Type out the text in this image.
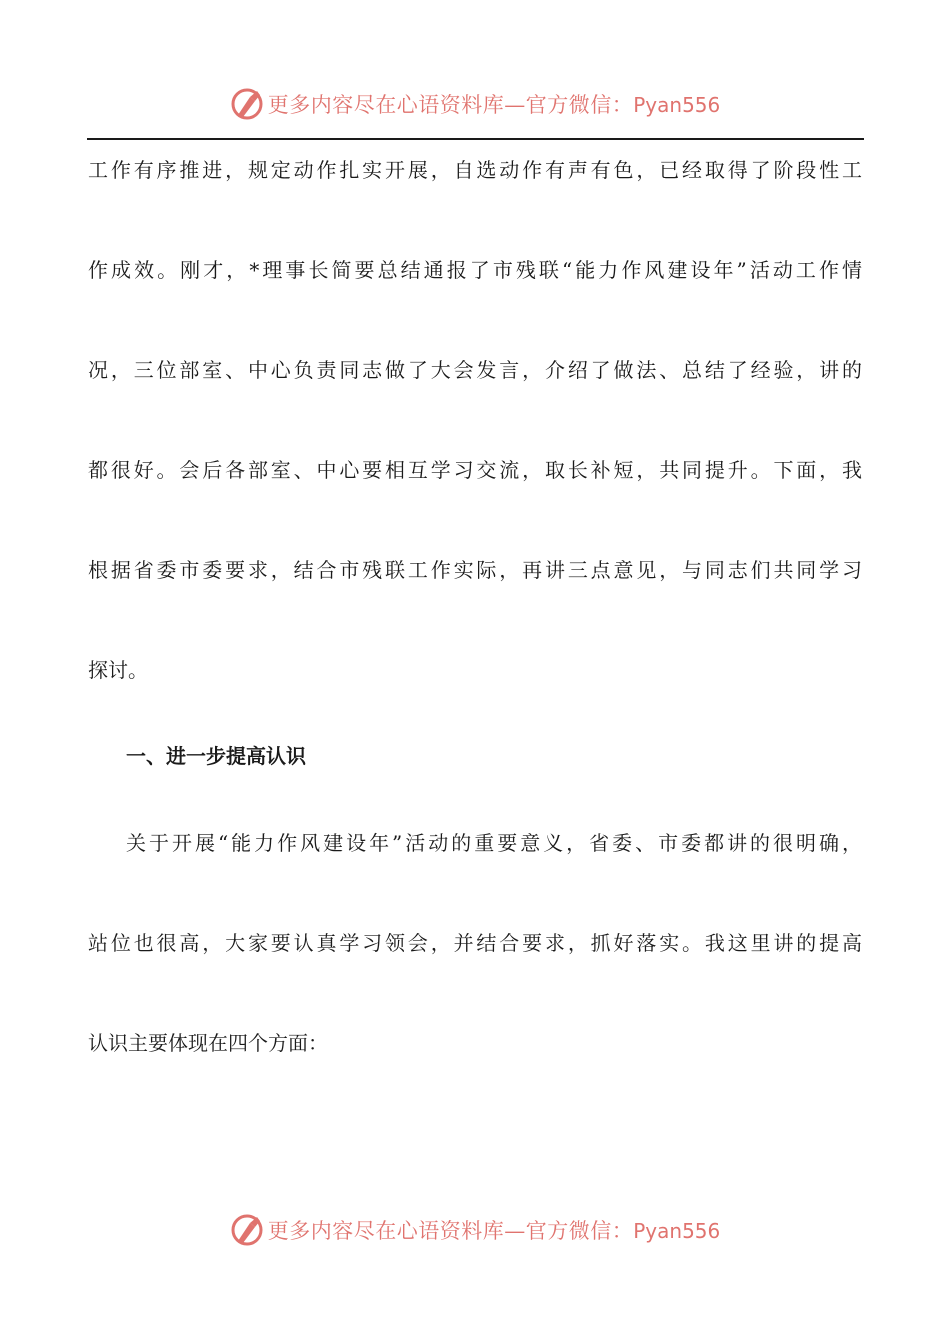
更多内容尽在心语资料库—官方微信：Pyan556
工作有序推进，规定动作扎实开展，自选动作有声有色，已经取得了阶段性工
作成效。刚才，*理事长简要总结通报了市残联“能力作风建设年”活动工作情
况，三位部室、中心负责同志做了大会发言，介绍了做法、总结了经验，讲的
都很好。会后各部室、中心要相互学习交流，取长补短，共同提升。下面，我
根据省委市委要求，结合市残联工作实际，再讲三点意见，与同志们共同学习
探讨。
一、进一步提高认识
关于开展“能力作风建设年”活动的重要意义，省委、市委都讲的很明确，
站位也很高，大家要认真学习领会，并结合要求，抓好落实。我这里讲的提高
认识主要体现在四个方面：
更多内容尽在心语资料库—官方微信：Pyan556
